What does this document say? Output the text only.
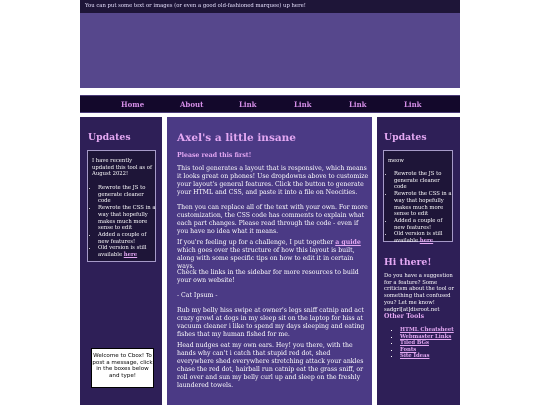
You can put some text or images (or even a good old-fashioned marquee) up here!
Home	About	Link	Link	Link	Link
Updates
I have recently updated this tool as of August 2022!
• Rewrote the JS to generate cleaner code
• Rewrote the CSS in a way that hopefully makes much more sense to edit
• Added a couple of new features!
• Old version is still available here
Axel's a little insane
Please read this first!

This tool generates a layout that is responsive, which means it looks great on phones! Use dropdowns above to customize your layout's general features. Click the button to generate your HTML and CSS, and paste it into a file on Neocities.

Then you can replace all of the text with your own. For more customization, the CSS code has comments to explain what each part changes. Please read through the code - even if you have no idea what it means.

If you're feeling up for a challenge, I put together a guide which goes over the structure of how this layout is built, along with some specific tips on how to edit it in certain ways.

Check the links in the sidebar for more resources to build your own website!

- Cat Ipsum -

Rub my belly hiss swipe at owner's legs sniff catnip and act crazy growl at dogs in my sleep sit on the laptop for hiss at vacuum cleaner i like to spend my days sleeping and eating fishes that my human fished for me.

Head nudges eat my own ears. Hey! you there, with the hands why can't i catch that stupid red dot, shed everywhere shed everywhere stretching attack your ankles chase the red dot, hairball run catnip eat the grass sniff, or roll over and sun my belly curl up and sleep on the freshly laundered towels.

Updates
meow
• Rewrote the JS to generate cleaner code
• Rewrote the CSS in a way that hopefully makes much more sense to edit
• Added a couple of new features!
• Old version is still available here
Hi there!

Do you have a suggestion for a feature? Some criticism about the tool or something that confused you? Let me know! sadgrl[at]disroot.net

Other Tools
▪ HTML Cheatsheet
▪ Webmaster Links
▪ Tiled BGs
▪ Fonts
▪ Site Ideas
Welcome to Cbox! To post a message, click in the boxes below and type!
